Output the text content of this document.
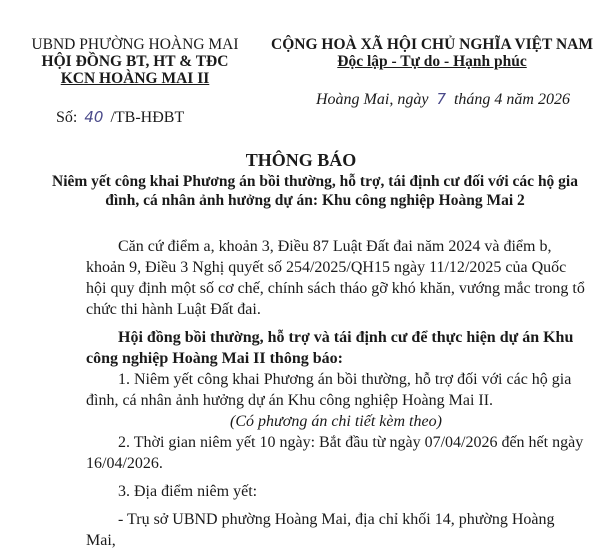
UBND PHƯỜNG HOÀNG MAI
HỘI ĐỒNG BT, HT & TĐC
KCN HOÀNG MAI II
CỘNG HOÀ XÃ HỘI CHỦ NGHĨA VIỆT NAM
Độc lập - Tự do - Hạnh phúc
Số: 40 /TB-HĐBT
Hoàng Mai, ngày 7 tháng 4 năm 2026
THÔNG BÁO
Niêm yết công khai Phương án bồi thường, hỗ trợ, tái định cư đối với các hộ gia đình, cá nhân ảnh hưởng dự án: Khu công nghiệp Hoàng Mai 2

Căn cứ điểm a, khoản 3, Điều 87 Luật Đất đai năm 2024 và điểm b, khoản 9, Điều 3 Nghị quyết số 254/2025/QH15 ngày 11/12/2025 của Quốc hội quy định một số cơ chế, chính sách tháo gỡ khó khăn, vướng mắc trong tổ chức thi hành Luật Đất đai.

Hội đồng bồi thường, hỗ trợ và tái định cư để thực hiện dự án Khu công nghiệp Hoàng Mai II thông báo:

1. Niêm yết công khai Phương án bồi thường, hỗ trợ đối với các hộ gia đình, cá nhân ảnh hưởng dự án Khu công nghiệp Hoàng Mai II.

(Có phương án chi tiết kèm theo)

2. Thời gian niêm yết 10 ngày: Bắt đầu từ ngày 07/04/2026 đến hết ngày 16/04/2026.

3. Địa điểm niêm yết:

- Trụ sở UBND phường Hoàng Mai, địa chỉ khối 14, phường Hoàng Mai,
